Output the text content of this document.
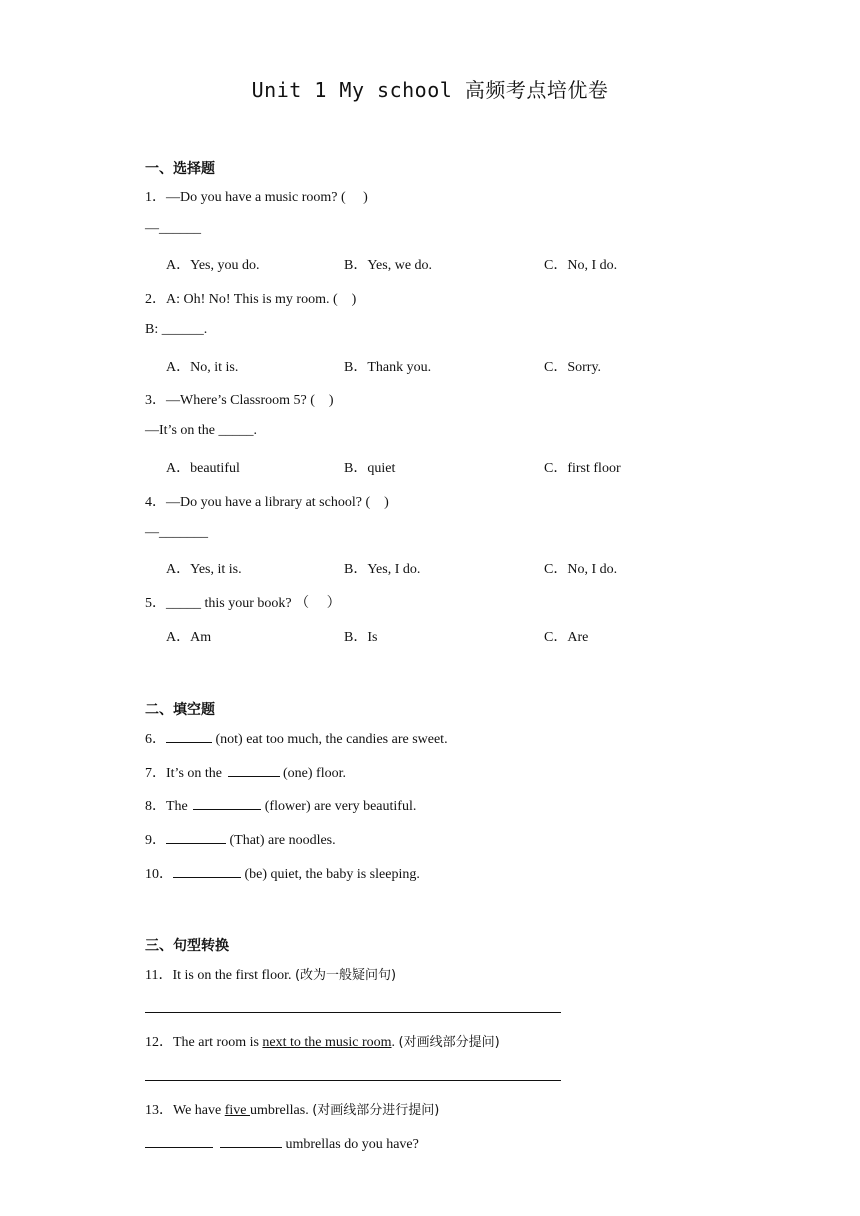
Unit 1 My school 高频考点培优卷
一、选择题
1．—Do you have a music room? (　 )
—______
A．Yes, you do.	B．Yes, we do.	C．No, I do.
2．A: Oh! No! This is my room. (　)
B: ______.
A．No, it is.	B．Thank you.	C．Sorry.
3．—Where’s Classroom 5? (　)
—It’s on the _____.
A．beautiful	B．quiet	C．first floor
4．—Do you have a library at school? (　)
—_______
A．Yes, it is.	B．Yes, I do.	C．No, I do.
5．_____ this your book? （　 ）
A．Am	B．Is	C．Are
二、填空题
6．	(not) eat too much, the candies are sweet.
7．It’s on the	(one) floor.
8．The	(flower) are very beautiful.
9．	(That) are noodles.
10．	(be) quiet, the baby is sleeping.
三、句型转换
11．It is on the first floor. (改为一般疑问句)
12．The art room is next to the music room. (对画线部分提问)
13．We have five umbrellas. (对画线部分进行提问)
umbrellas do you have?
